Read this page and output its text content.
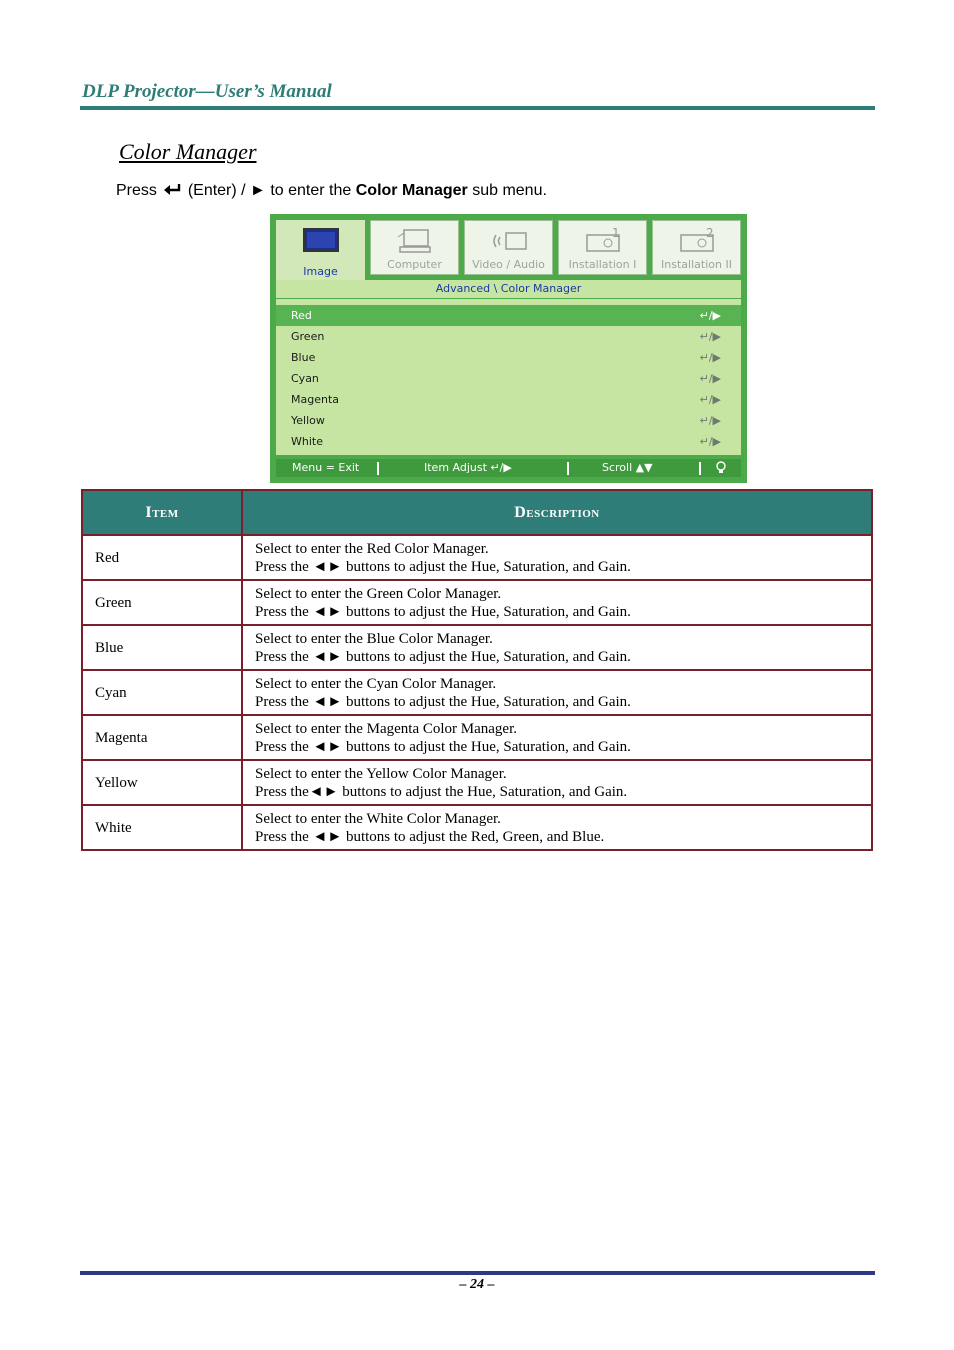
DLP Projector—User’s Manual
Color Manager
Press (Enter) / ► to enter the Color Manager sub menu.
Image
Computer	Video / Audio
1
Installation I
2
Installation II
Advanced \ Color Manager
Red	↵/▶
Green	↵/▶
Blue	↵/▶
Cyan	↵/▶
Magenta	↵/▶
Yellow	↵/▶
White	↵/▶
Menu = Exit	Item Adjust ↵/▶	Scroll ▲▼
Item	Description
Red	Select to enter the Red Color Manager.
Press the ◄► buttons to adjust the Hue, Saturation, and Gain.

Green	Select to enter the Green Color Manager.
Press the ◄► buttons to adjust the Hue, Saturation, and Gain.

Blue	Select to enter the Blue Color Manager.
Press the ◄► buttons to adjust the Hue, Saturation, and Gain.

Cyan	Select to enter the Cyan Color Manager.
Press the ◄► buttons to adjust the Hue, Saturation, and Gain.

Magenta	Select to enter the Magenta Color Manager.
Press the ◄► buttons to adjust the Hue, Saturation, and Gain.

Yellow	Select to enter the Yellow Color Manager.
Press the◄► buttons to adjust the Hue, Saturation, and Gain.

White	Select to enter the White Color Manager.
Press the ◄► buttons to adjust the Red, Green, and Blue.
– 24 –
